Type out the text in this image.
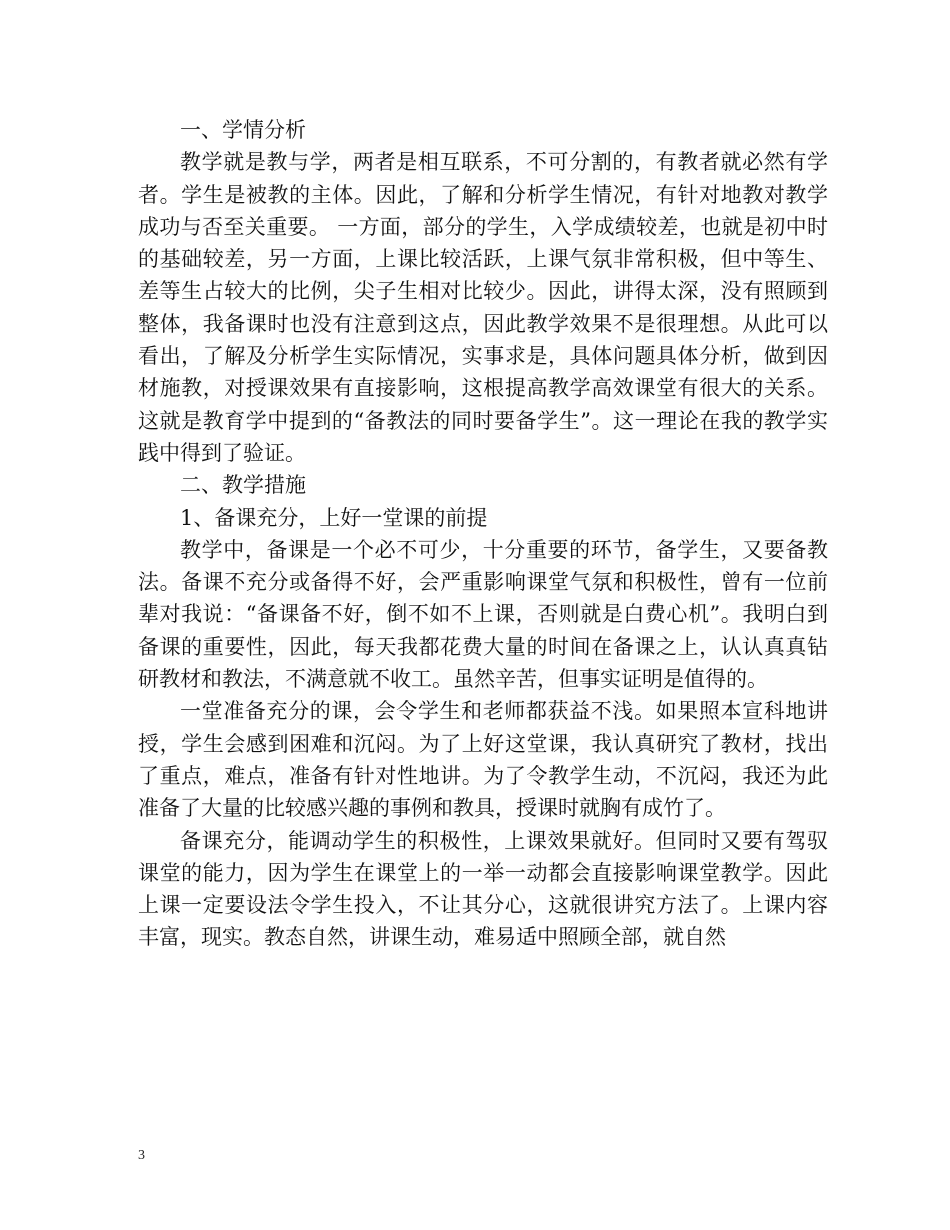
一、学情分析

教学就是教与学，两者是相互联系，不可分割的，有教者就必然有学者。学生是被教的主体。因此，了解和分析学生情况，有针对地教对教学成功与否至关重要。 一方面，部分的学生，入学成绩较差，也就是初中时的基础较差，另一方面，上课比较活跃，上课气氛非常积极，但中等生、差等生占较大的比例，尖子生相对比较少。因此，讲得太深，没有照顾到整体，我备课时也没有注意到这点，因此教学效果不是很理想。从此可以看出，了解及分析学生实际情况，实事求是，具体问题具体分析，做到因材施教，对授课效果有直接影响，这根提高教学高效课堂有很大的关系。这就是教育学中提到的“备教法的同时要备学生”。这一理论在我的教学实践中得到了验证。

二、教学措施

1、备课充分，上好一堂课的前提

教学中，备课是一个必不可少，十分重要的环节，备学生，又要备教法。备课不充分或备得不好，会严重影响课堂气氛和积极性，曾有一位前辈对我说：“备课备不好，倒不如不上课，否则就是白费心机”。我明白到备课的重要性，因此，每天我都花费大量的时间在备课之上，认认真真钻研教材和教法，不满意就不收工。虽然辛苦，但事实证明是值得的。

一堂准备充分的课，会令学生和老师都获益不浅。如果照本宣科地讲授，学生会感到困难和沉闷。为了上好这堂课，我认真研究了教材，找出了重点，难点，准备有针对性地讲。为了令教学生动，不沉闷，我还为此准备了大量的比较感兴趣的事例和教具，授课时就胸有成竹了。

备课充分，能调动学生的积极性，上课效果就好。但同时又要有驾驭课堂的能力，因为学生在课堂上的一举一动都会直接影响课堂教学。因此上课一定要设法令学生投入，不让其分心，这就很讲究方法了。上课内容丰富，现实。教态自然，讲课生动，难易适中照顾全部，就自然

3
